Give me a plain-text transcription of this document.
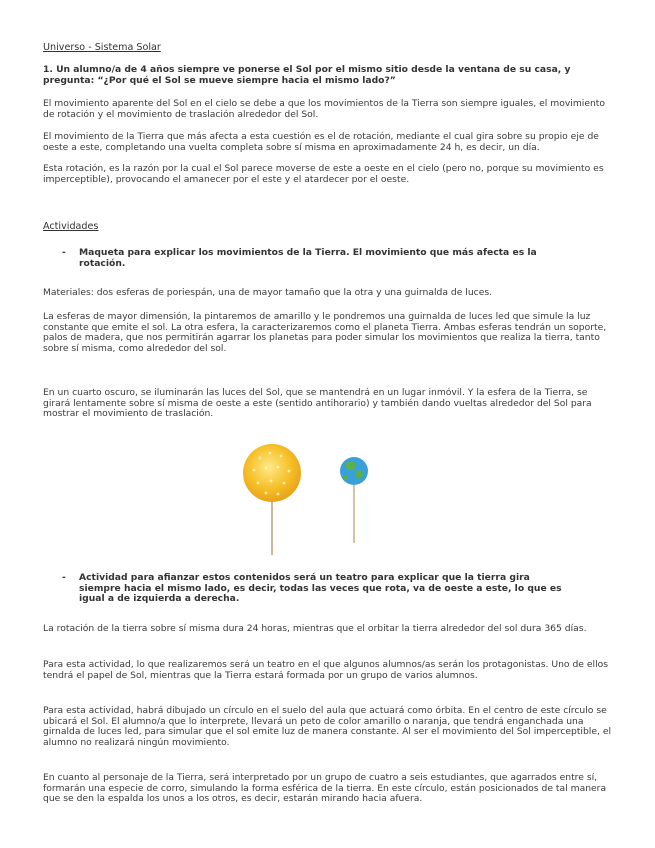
Universo - Sistema Solar

1. Un alumno/a de 4 años siempre ve ponerse el Sol por el mismo sitio desde la ventana de su casa, y pregunta: “¿Por qué el Sol se mueve siempre hacia el mismo lado?”

El movimiento aparente del Sol en el cielo se debe a que los movimientos de la Tierra son siempre iguales, el movimiento de rotación y el movimiento de traslación alrededor del Sol.

El movimiento de la Tierra que más afecta a esta cuestión es el de rotación, mediante el cual gira sobre su propio eje de oeste a este, completando una vuelta completa sobre sí misma en aproximadamente 24 h, es decir, un día.

Esta rotación, es la razón por la cual el Sol parece moverse de este a oeste en el cielo (pero no, porque su movimiento es imperceptible), provocando el amanecer por el este y el atardecer por el oeste.

Actividades

-	Maqueta para explicar los movimientos de la Tierra. El movimiento que más afecta es la rotación.

Materiales: dos esferas de poriespán, una de mayor tamaño que la otra y una guirnalda de luces.

La esferas de mayor dimensión, la pintaremos de amarillo y le pondremos una guirnalda de luces led que simule la luz constante que emite el sol. La otra esfera, la caracterizaremos como el planeta Tierra. Ambas esferas tendrán un soporte, palos de madera, que nos permitirán agarrar los planetas para poder simular los movimientos que realiza la tierra, tanto sobre sí misma, como alrededor del sol.

En un cuarto oscuro, se iluminarán las luces del Sol, que se mantendrá en un lugar inmóvil. Y la esfera de la Tierra, se girará lentamente sobre sí misma de oeste a este (sentido antihorario) y también dando vueltas alrededor del Sol para mostrar el movimiento de traslación.

-	Actividad para afianzar estos contenidos será un teatro para explicar que la tierra gira siempre hacia el mismo lado, es decir, todas las veces que rota, va de oeste a este, lo que es igual a de izquierda a derecha.

La rotación de la tierra sobre sí misma dura 24 horas, mientras que el orbitar la tierra alrededor del sol dura 365 días.

Para esta actividad, lo que realizaremos será un teatro en el que algunos alumnos/as serán los protagonistas. Uno de ellos tendrá el papel de Sol, mientras que la Tierra estará formada por un grupo de varios alumnos.

Para esta actividad, habrá dibujado un círculo en el suelo del aula que actuará como órbita. En el centro de este círculo se ubicará el Sol. El alumno/a que lo interprete, llevará un peto de color amarillo o naranja, que tendrá enganchada una girnalda de luces led, para simular que el sol emite luz de manera constante. Al ser el movimiento del Sol imperceptible, el alumno no realizará ningún movimiento.

En cuanto al personaje de la Tierra, será interpretado por un grupo de cuatro a seis estudiantes, que agarrados entre sí, formarán una especie de corro, simulando la forma esférica de la tierra. En este círculo, están posicionados de tal manera que se den la espalda los unos a los otros, es decir, estarán mirando hacia afuera.
